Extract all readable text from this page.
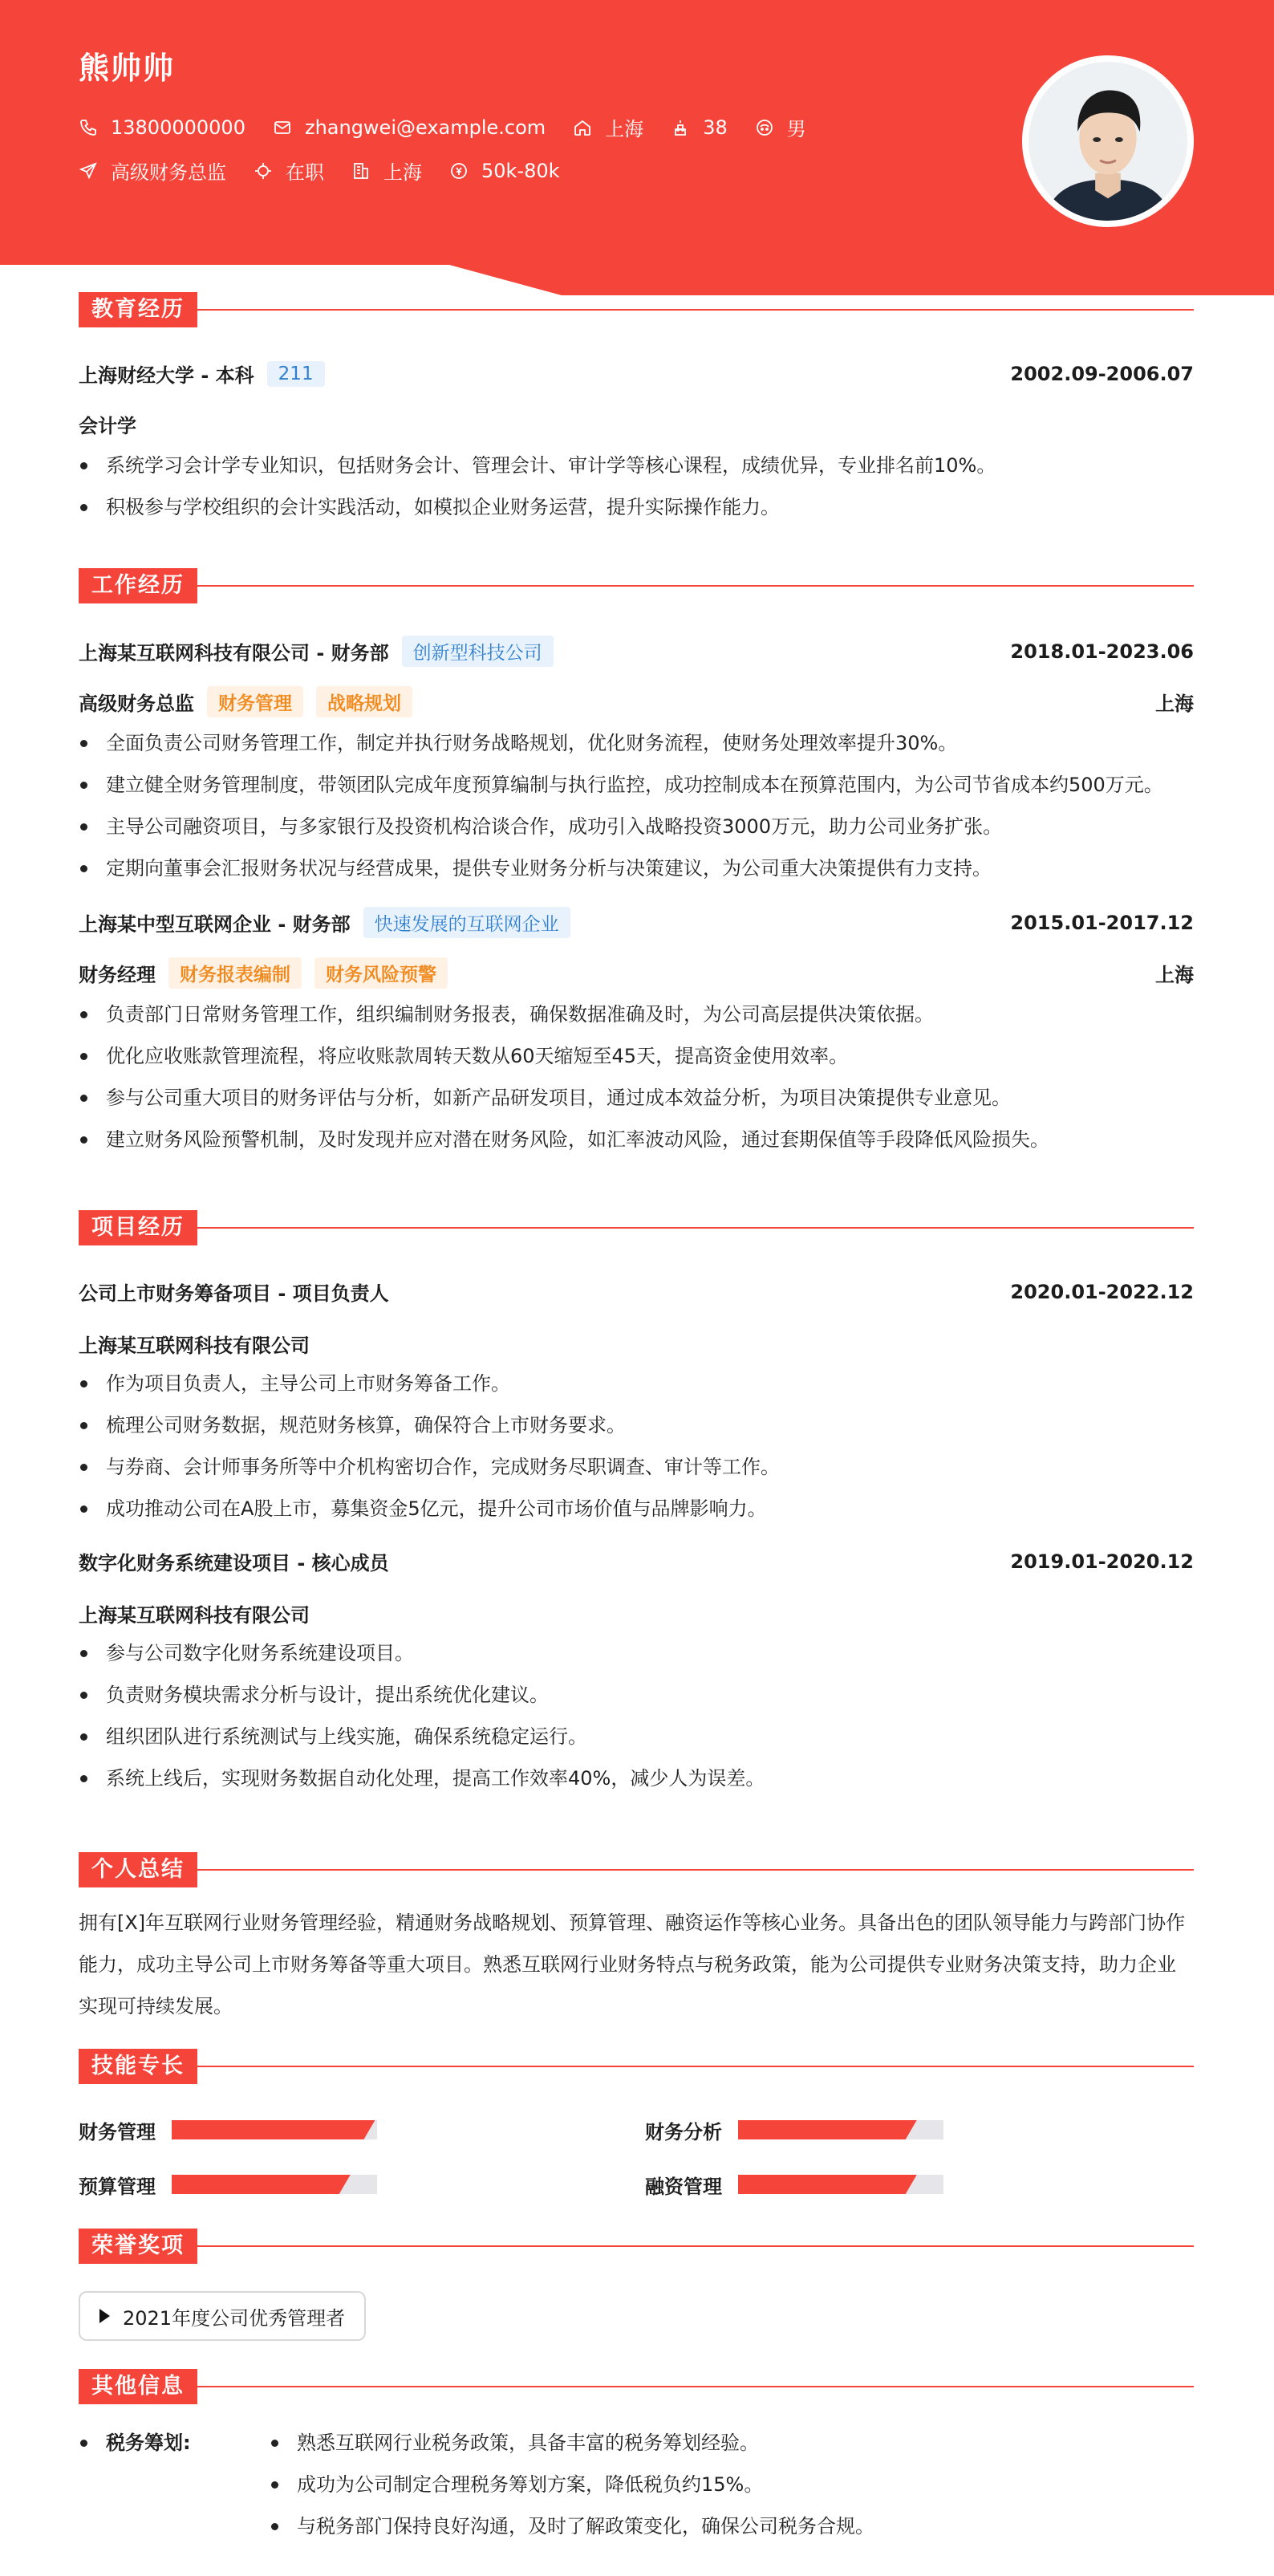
熊帅帅
13800000000	zhangwei@example.com	上海	38	男
高级财务总监	在职	上海	50k-80k
教育经历
上海财经大学 - 本科	211	2002.09-2006.07
会计学
系统学习会计学专业知识，包括财务会计、管理会计、审计学等核心课程，成绩优异，专业排名前10%。
积极参与学校组织的会计实践活动，如模拟企业财务运营，提升实际操作能力。
工作经历
上海某互联网科技有限公司 - 财务部	创新型科技公司	2018.01-2023.06
高级财务总监	财务管理	战略规划	上海
全面负责公司财务管理工作，制定并执行财务战略规划，优化财务流程，使财务处理效率提升30%。
建立健全财务管理制度，带领团队完成年度预算编制与执行监控，成功控制成本在预算范围内，为公司节省成本约500万元。
主导公司融资项目，与多家银行及投资机构洽谈合作，成功引入战略投资3000万元，助力公司业务扩张。
定期向董事会汇报财务状况与经营成果，提供专业财务分析与决策建议，为公司重大决策提供有力支持。
上海某中型互联网企业 - 财务部	快速发展的互联网企业	2015.01-2017.12
财务经理	财务报表编制	财务风险预警	上海
负责部门日常财务管理工作，组织编制财务报表，确保数据准确及时，为公司高层提供决策依据。
优化应收账款管理流程，将应收账款周转天数从60天缩短至45天，提高资金使用效率。
参与公司重大项目的财务评估与分析，如新产品研发项目，通过成本效益分析，为项目决策提供专业意见。
建立财务风险预警机制，及时发现并应对潜在财务风险，如汇率波动风险，通过套期保值等手段降低风险损失。
项目经历
公司上市财务筹备项目 - 项目负责人	2020.01-2022.12
上海某互联网科技有限公司
作为项目负责人，主导公司上市财务筹备工作。
梳理公司财务数据，规范财务核算，确保符合上市财务要求。
与券商、会计师事务所等中介机构密切合作，完成财务尽职调查、审计等工作。
成功推动公司在A股上市，募集资金5亿元，提升公司市场价值与品牌影响力。
数字化财务系统建设项目 - 核心成员	2019.01-2020.12
上海某互联网科技有限公司
参与公司数字化财务系统建设项目。
负责财务模块需求分析与设计，提出系统优化建议。
组织团队进行系统测试与上线实施，确保系统稳定运行。
系统上线后，实现财务数据自动化处理，提高工作效率40%，减少人为误差。
个人总结
拥有[X]年互联网行业财务管理经验，精通财务战略规划、预算管理、融资运作等核心业务。具备出色的团队领导能力与跨部门协作
能力，成功主导公司上市财务筹备等重大项目。熟悉互联网行业财务特点与税务政策，能为公司提供专业财务决策支持，助力企业
实现可持续发展。
技能专长
财务管理	财务分析
预算管理	融资管理
荣誉奖项
2021年度公司优秀管理者
其他信息
税务筹划:	熟悉互联网行业税务政策，具备丰富的税务筹划经验。
成功为公司制定合理税务筹划方案，降低税负约15%。
与税务部门保持良好沟通，及时了解政策变化，确保公司税务合规。
